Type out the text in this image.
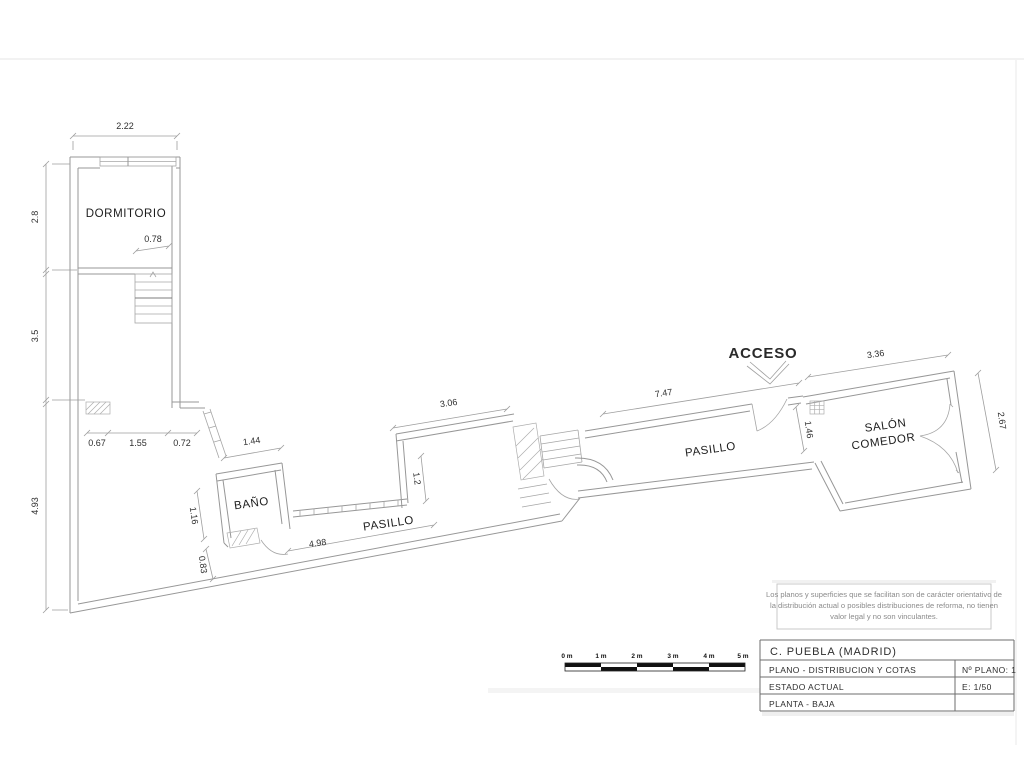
2.22
0.78
2.8
3.5
4.93
0.67	1.55	0.72	1.44
1.16
0.83
4.98
3.06
1.2
7.47
1.46
3.36
2.67
DORMITORIO
BAÑO
PASILLO
PASILLO
SALÓN
COMEDOR
ACCESO
Los planos y superficies que se facilitan son de carácter orientativo de
la distribución actual o posibles distribuciones de reforma, no tienen
valor legal y no son vinculantes.
0 m	1 m	2 m	3 m	4 m	5 m C. PUEBLA (MADRID)
PLANO - DISTRIBUCION Y COTAS	Nº PLANO: 1
ESTADO ACTUAL	E: 1/50
PLANTA - BAJA
